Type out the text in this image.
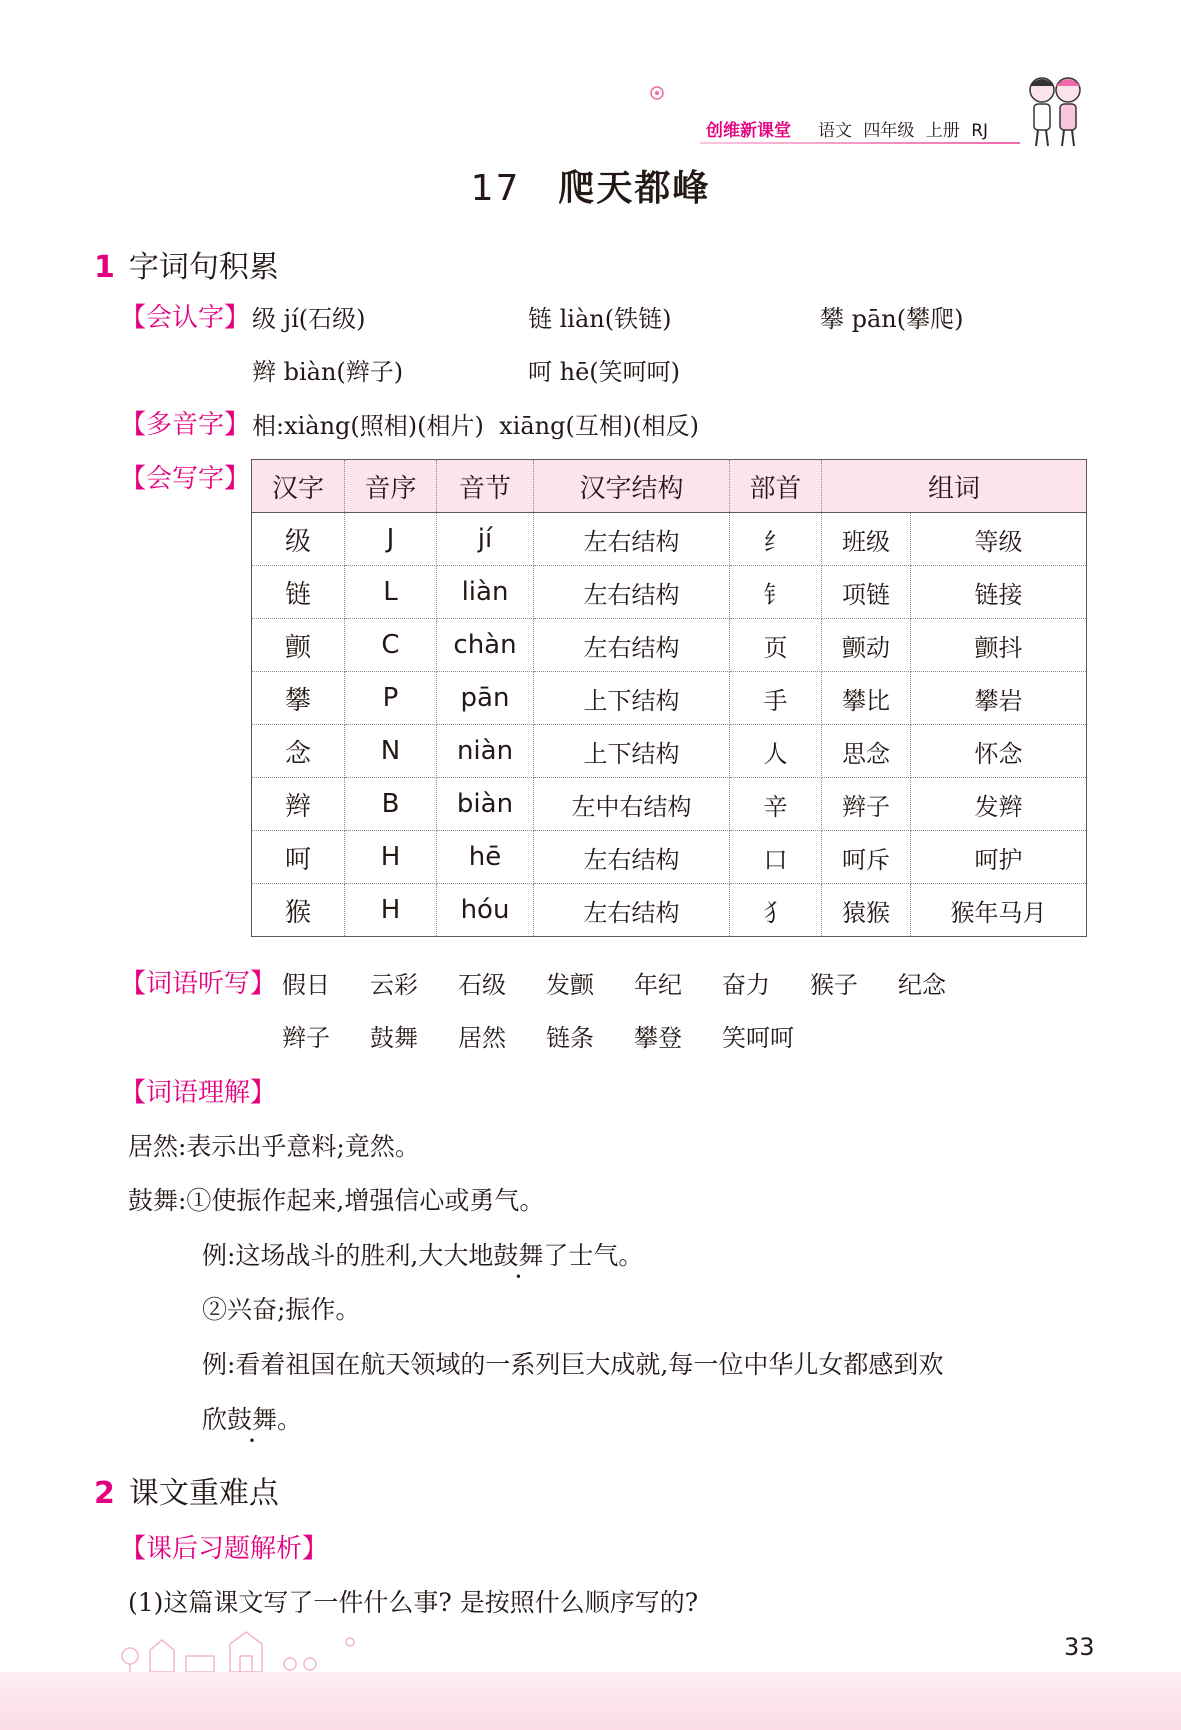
创维新课堂 语文 四年级 上册 RJ
17 爬天都峰
1 字词句积累
【会认字】 级 jí(石级)	链 liàn(铁链)	攀 pān(攀爬)
辫 biàn(辫子)	呵 hē(笑呵呵)
【多音字】 相:xiàng(照相)(相片)  xiāng(互相)(相反)
【会写字】 汉字	音序	音节	汉字结构	部首	组词	
级	J	jí	左右结构	纟	班级	等级
链	L	liàn	左右结构	钅	项链	链接
颤	C	chàn	左右结构	页	颤动	颤抖
攀	P	pān	上下结构	手	攀比	攀岩
念	N	niàn	上下结构	人	思念	怀念
辫	B	biàn	左中右结构	辛	辫子	发辫
呵	H	hē	左右结构	口	呵斥	呵护
猴	H	hóu	左右结构	犭	猿猴	猴年马月
【词语听写】 假日 云彩 石级 发颤 年纪 奋力 猴子 纪念
辫子 鼓舞 居然 链条 攀登 笑呵呵
【词语理解】
居然:表示出乎意料;竟然。
鼓舞:①使振作起来,增强信心或勇气。
例:这场战斗的胜利,大大地鼓舞了士气。
②兴奋;振作。
例:看着祖国在航天领域的一系列巨大成就,每一位中华儿女都感到欢
欣鼓舞。
2 课文重难点
【课后习题解析】
(1)这篇课文写了一件什么事? 是按照什么顺序写的?
33
